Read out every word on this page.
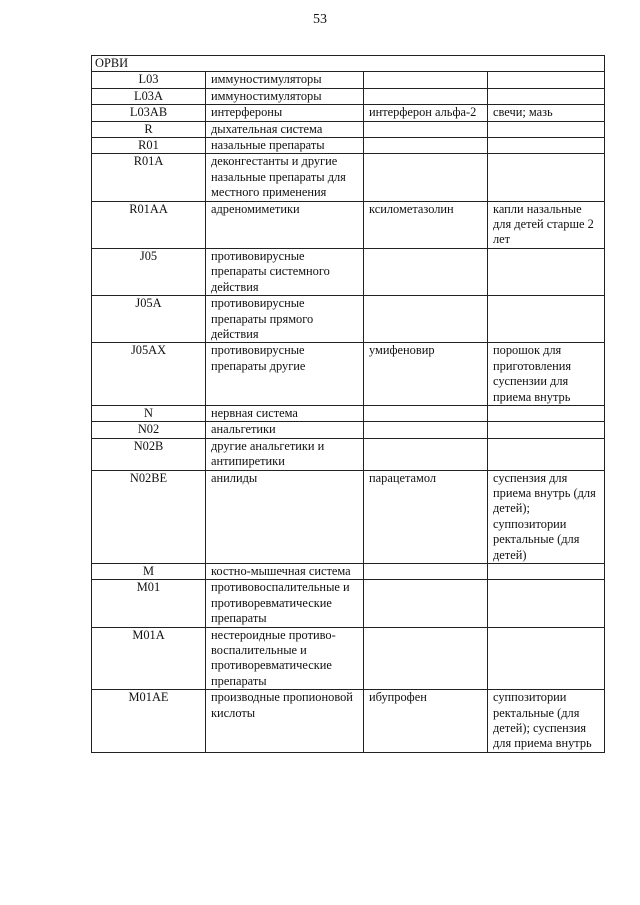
53
ОРВИ			
L03	иммуностимуляторы		
L03A	иммуностимуляторы		
L03AB	интерфероны	интерферон альфа-2	свечи; мазь
R	дыхательная система		
R01	назальные препараты		
R01A	деконгестанты и другие назальные препараты для местного применения		
R01AA	адреномиметики	ксилометазолин	капли назальные для детей старше 2 лет
J05	противовирусные препараты системного действия		
J05A	противовирусные препараты прямого действия		
J05AX	противовирусные препараты другие	умифеновир	порошок для приготовления суспензии для приема внутрь
N	нервная система		
N02	анальгетики		
N02B	другие анальгетики и антипиретики		
N02BE	анилиды	парацетамол	суспензия для приема внутрь (для детей); суппозитории ректальные (для детей)
M	костно-мышечная система		
M01	противовоспалительные и противоревматические препараты		
M01A	нестероидные противо- воспалительные и противоревматические препараты		
M01AE	производные пропионовой кислоты	ибупрофен	суппозитории ректальные (для детей); суспензия для приема внутрь
